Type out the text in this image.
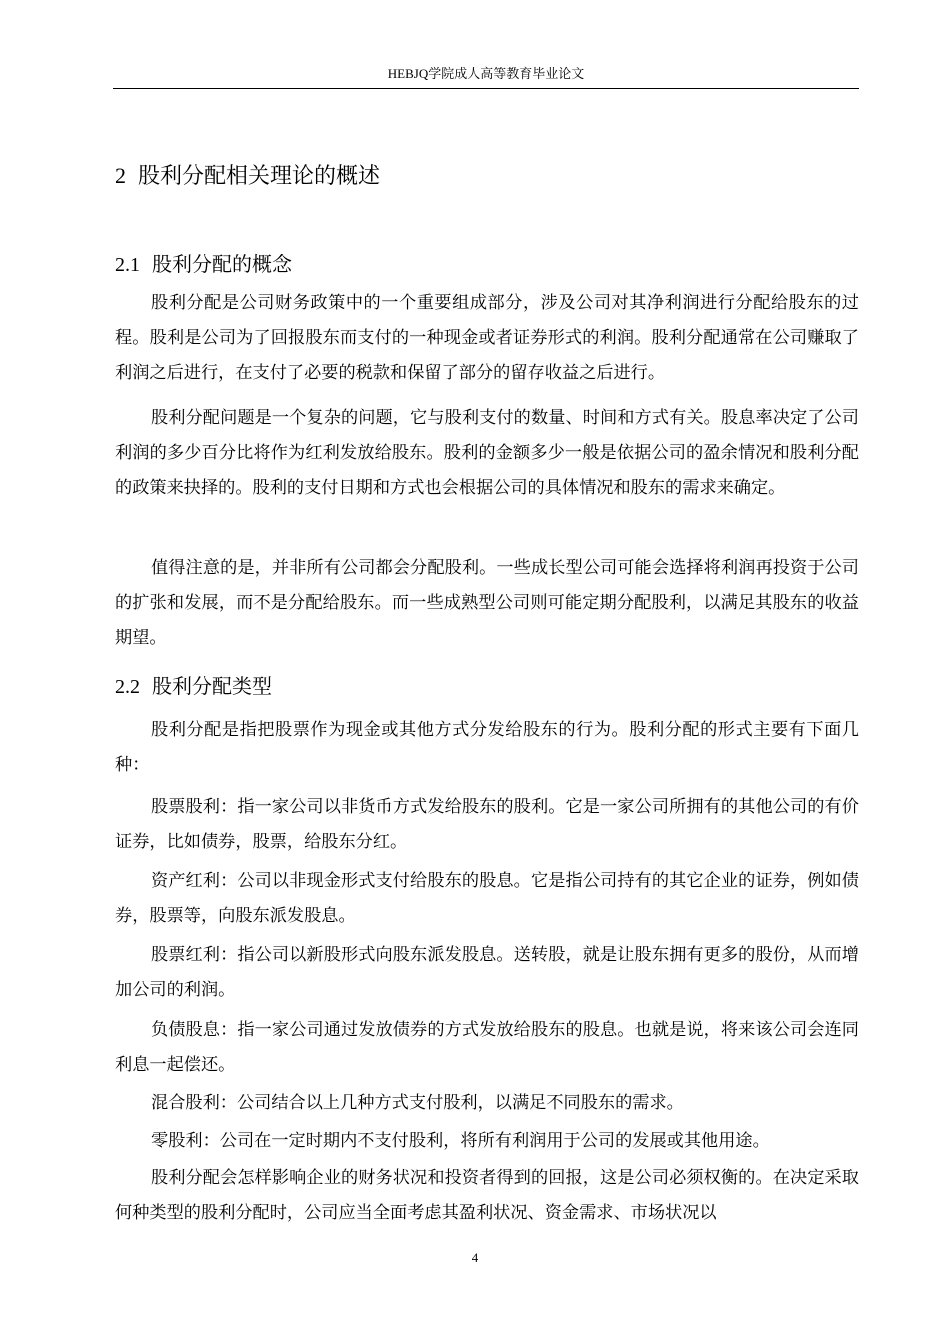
HEBJQ学院成人高等教育毕业论文
2 股利分配相关理论的概述
2.1 股利分配的概念

股利分配是公司财务政策中的一个重要组成部分，涉及公司对其净利润进行分配给股东的过程。股利是公司为了回报股东而支付的一种现金或者证券形式的利润。股利分配通常在公司赚取了利润之后进行，在支付了必要的税款和保留了部分的留存收益之后进行。

股利分配问题是一个复杂的问题，它与股利支付的数量、时间和方式有关。股息率决定了公司利润的多少百分比将作为红利发放给股东。股利的金额多少一般是依据公司的盈余情况和股利分配的政策来抉择的。股利的支付日期和方式也会根据公司的具体情况和股东的需求来确定。

值得注意的是，并非所有公司都会分配股利。一些成长型公司可能会选择将利润再投资于公司的扩张和发展，而不是分配给股东。而一些成熟型公司则可能定期分配股利，以满足其股东的收益期望。

2.2 股利分配类型

股利分配是指把股票作为现金或其他方式分发给股东的行为。股利分配的形式主要有下面几种：

股票股利：指一家公司以非货币方式发给股东的股利。它是一家公司所拥有的其他公司的有价证券，比如债券，股票，给股东分红。

资产红利：公司以非现金形式支付给股东的股息。它是指公司持有的其它企业的证券，例如债券，股票等，向股东派发股息。

股票红利：指公司以新股形式向股东派发股息。送转股，就是让股东拥有更多的股份，从而增加公司的利润。

负债股息：指一家公司通过发放债券的方式发放给股东的股息。也就是说，将来该公司会连同利息一起偿还。

混合股利：公司结合以上几种方式支付股利，以满足不同股东的需求。

零股利：公司在一定时期内不支付股利，将所有利润用于公司的发展或其他用途。

股利分配会怎样影响企业的财务状况和投资者得到的回报，这是公司必须权衡的。在决定采取何种类型的股利分配时，公司应当全面考虑其盈利状况、资金需求、市场状况以

4
